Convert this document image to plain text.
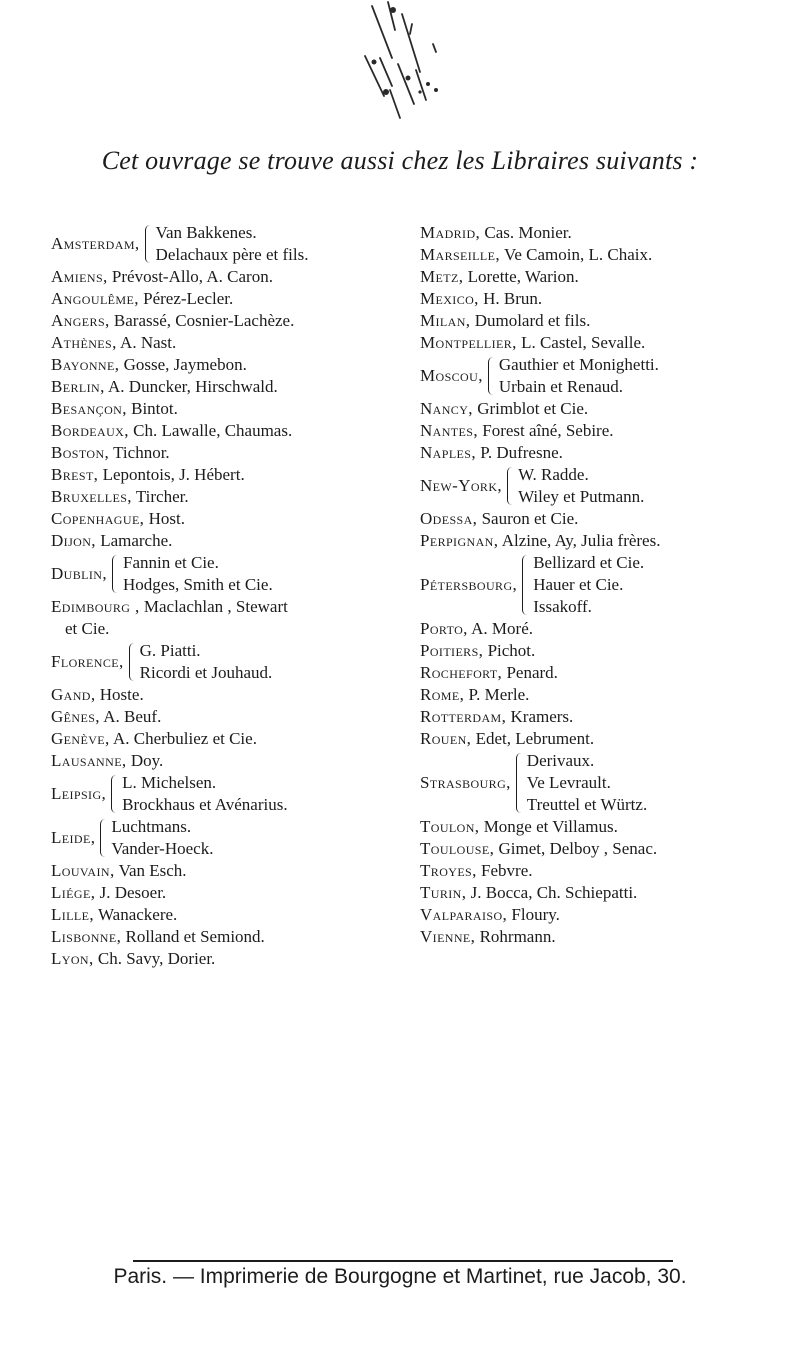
Cet ouvrage se trouve aussi chez les Libraires suivants :
Amsterdam,
Van Bakkenes.
Delachaux père et fils.
Amiens, Prévost-Allo, A. Caron.
Angoulême, Pérez-Lecler.
Angers, Barassé, Cosnier-Lachèze.
Athènes, A. Nast.
Bayonne, Gosse, Jaymebon.
Berlin, A. Duncker, Hirschwald.
Besançon, Bintot.
Bordeaux, Ch. Lawalle, Chaumas.
Boston, Tichnor.
Brest, Lepontois, J. Hébert.
Bruxelles, Tircher.
Copenhague, Host.
Dijon, Lamarche.
Dublin,
Fannin et Cie.
Hodges, Smith et Cie.
Edimbourg , Maclachlan , Stewart
et Cie.
Florence,
G. Piatti.
Ricordi et Jouhaud.
Gand, Hoste.
Gênes, A. Beuf.
Genève, A. Cherbuliez et Cie.
Lausanne, Doy.
Leipsig,
L. Michelsen.
Brockhaus et Avénarius.
Leide,
Luchtmans.
Vander-Hoeck.
Louvain, Van Esch.
Liége, J. Desoer.
Lille, Wanackere.
Lisbonne, Rolland et Semiond.
Lyon, Ch. Savy, Dorier.
Madrid, Cas. Monier.
Marseille, Ve Camoin, L. Chaix.
Metz, Lorette, Warion.
Mexico, H. Brun.
Milan, Dumolard et fils.
Montpellier, L. Castel, Sevalle.
Moscou,
Gauthier et Monighetti.
Urbain et Renaud.
Nancy, Grimblot et Cie.
Nantes, Forest aîné, Sebire.
Naples, P. Dufresne.
New-York,
W. Radde.
Wiley et Putmann.
Odessa, Sauron et Cie.
Perpignan, Alzine, Ay, Julia frères.
Pétersbourg,
Bellizard et Cie.
Hauer et Cie.
Issakoff.
Porto, A. Moré.
Poitiers, Pichot.
Rochefort, Penard.
Rome, P. Merle.
Rotterdam, Kramers.
Rouen, Edet, Lebrument.
Strasbourg,
Derivaux.
Ve Levrault.
Treuttel et Würtz.
Toulon, Monge et Villamus.
Toulouse, Gimet, Delboy , Senac.
Troyes, Febvre.
Turin, J. Bocca, Ch. Schiepatti.
Valparaiso, Floury.
Vienne, Rohrmann.
Paris. — Imprimerie de Bourgogne et Martinet, rue Jacob, 30.
